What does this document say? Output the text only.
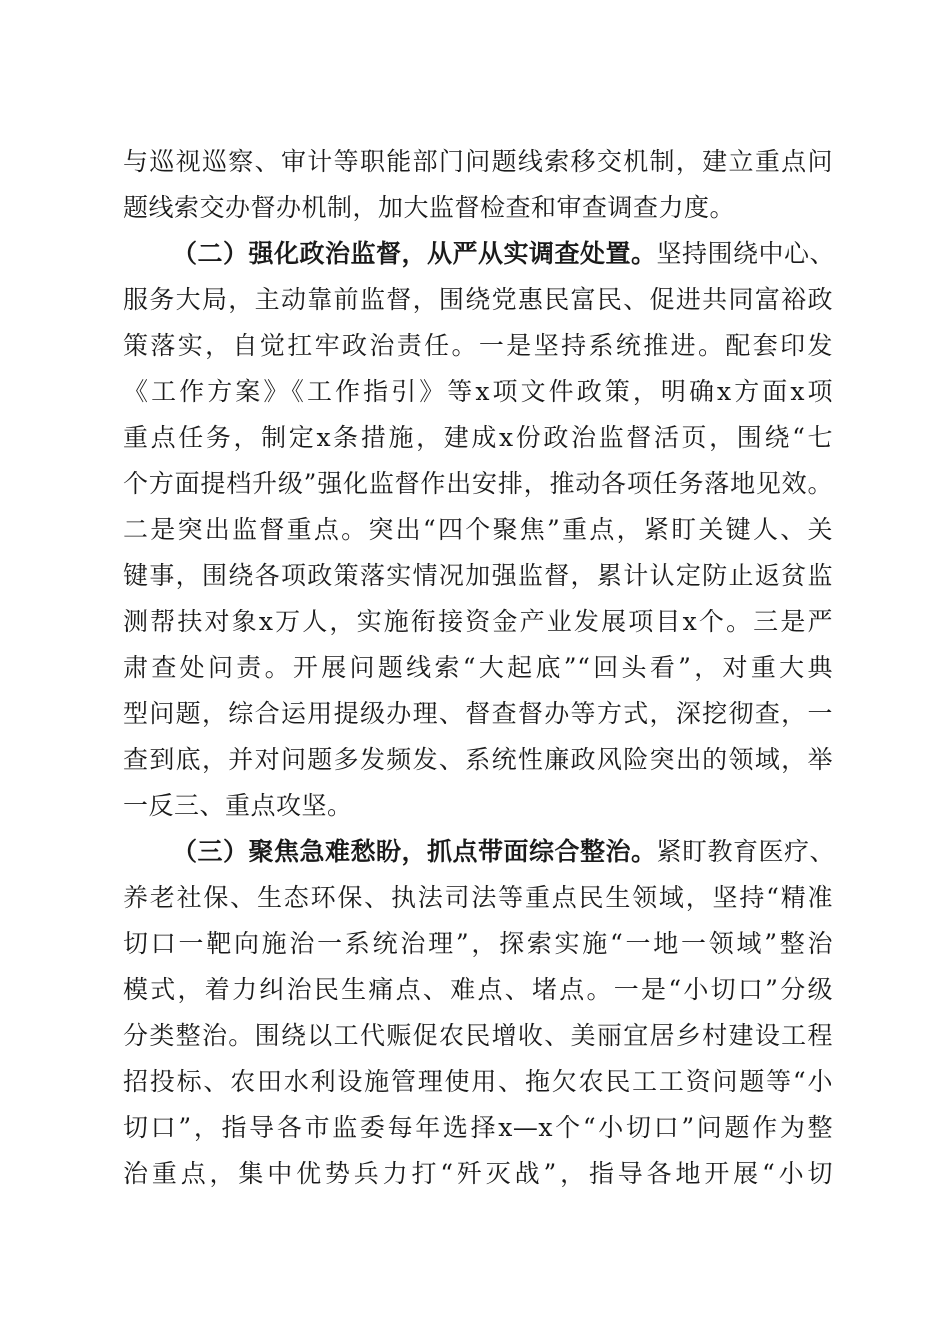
与巡视巡察、审计等职能部门问题线索移交机制，建立重点问
题线索交办督办机制，加大监督检查和审查调查力度。
（二）强化政治监督，从严从实调查处置。坚持围绕中心、
服务大局，主动靠前监督，围绕党惠民富民、促进共同富裕政
策落实，自觉扛牢政治责任。一是坚持系统推进。配套印发
《工作方案》《工作指引》等x项文件政策，明确x方面x项
重点任务，制定x条措施，建成x份政治监督活页，围绕“七
个方面提档升级”强化监督作出安排，推动各项任务落地见效。
二是突出监督重点。突出“四个聚焦”重点，紧盯关键人、关
键事，围绕各项政策落实情况加强监督，累计认定防止返贫监
测帮扶对象x万人，实施衔接资金产业发展项目x个。三是严
肃查处问责。开展问题线索“大起底”“回头看”，对重大典
型问题，综合运用提级办理、督查督办等方式，深挖彻查，一
查到底，并对问题多发频发、系统性廉政风险突出的领域，举
一反三、重点攻坚。
（三）聚焦急难愁盼，抓点带面综合整治。紧盯教育医疗、
养老社保、生态环保、执法司法等重点民生领域，坚持“精准
切口一靶向施治一系统治理”，探索实施“一地一领域”整治
模式，着力纠治民生痛点、难点、堵点。一是“小切口”分级
分类整治。围绕以工代赈促农民增收、美丽宜居乡村建设工程
招投标、农田水利设施管理使用、拖欠农民工工资问题等“小
切口”，指导各市监委每年选择x—x个“小切口”问题作为整
治重点，集中优势兵力打“歼灭战”，指导各地开展“小切
